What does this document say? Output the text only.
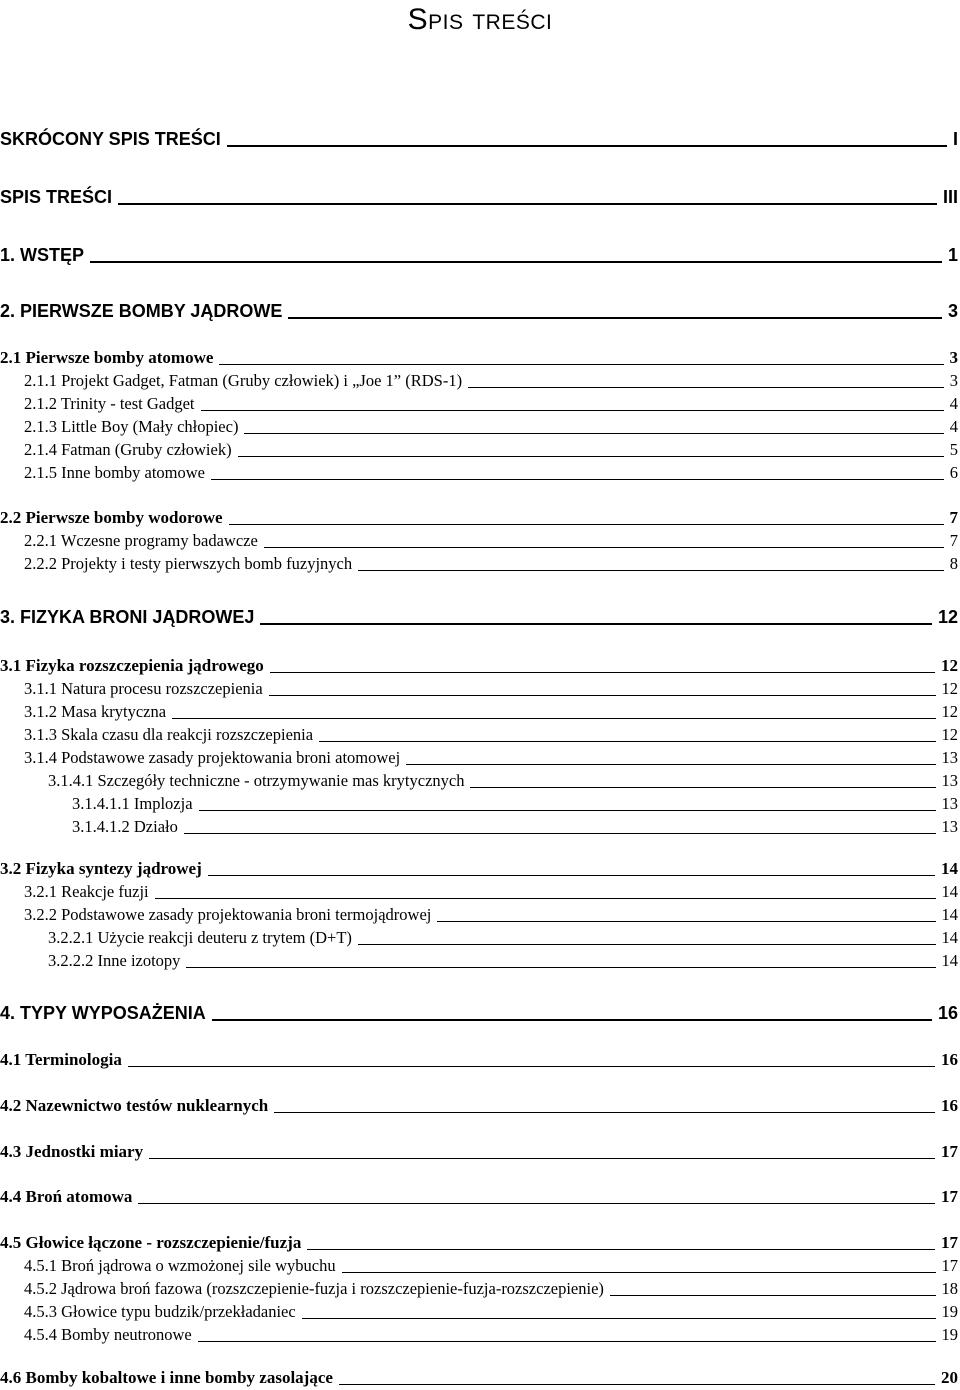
Spis treści
SKRÓCONY SPIS TREŚCI	I
SPIS TREŚCI	III
1. WSTĘP	1
2. PIERWSZE BOMBY JĄDROWE	3
2.1 Pierwsze bomby atomowe	3
2.1.1 Projekt Gadget, Fatman (Gruby człowiek) i „Joe 1” (RDS-1)	3
2.1.2 Trinity - test Gadget	4
2.1.3 Little Boy (Mały chłopiec)	4
2.1.4 Fatman (Gruby człowiek)	5
2.1.5 Inne bomby atomowe	6
2.2 Pierwsze bomby wodorowe	7
2.2.1 Wczesne programy badawcze	7
2.2.2 Projekty i testy pierwszych bomb fuzyjnych	8
3. FIZYKA BRONI JĄDROWEJ	12
3.1 Fizyka rozszczepienia jądrowego	12
3.1.1 Natura procesu rozszczepienia	12
3.1.2 Masa krytyczna	12
3.1.3 Skala czasu dla reakcji rozszczepienia	12
3.1.4 Podstawowe zasady projektowania broni atomowej	13
3.1.4.1 Szczegóły techniczne - otrzymywanie mas krytycznych	13
3.1.4.1.1 Implozja	13
3.1.4.1.2 Działo	13
3.2 Fizyka syntezy jądrowej	14
3.2.1 Reakcje fuzji	14
3.2.2 Podstawowe zasady projektowania broni termojądrowej	14
3.2.2.1 Użycie reakcji deuteru z trytem (D+T)	14
3.2.2.2 Inne izotopy	14
4. TYPY WYPOSAŻENIA	16
4.1 Terminologia	16
4.2 Nazewnictwo testów nuklearnych	16
4.3 Jednostki miary	17
4.4 Broń atomowa	17
4.5 Głowice łączone - rozszczepienie/fuzja	17
4.5.1 Broń jądrowa o wzmożonej sile wybuchu	17
4.5.2 Jądrowa broń fazowa (rozszczepienie-fuzja i rozszczepienie-fuzja-rozszczepienie)	18
4.5.3 Głowice typu budzik/przekładaniec	19
4.5.4 Bomby neutronowe	19
4.6 Bomby kobaltowe i inne bomby zasolające	20
